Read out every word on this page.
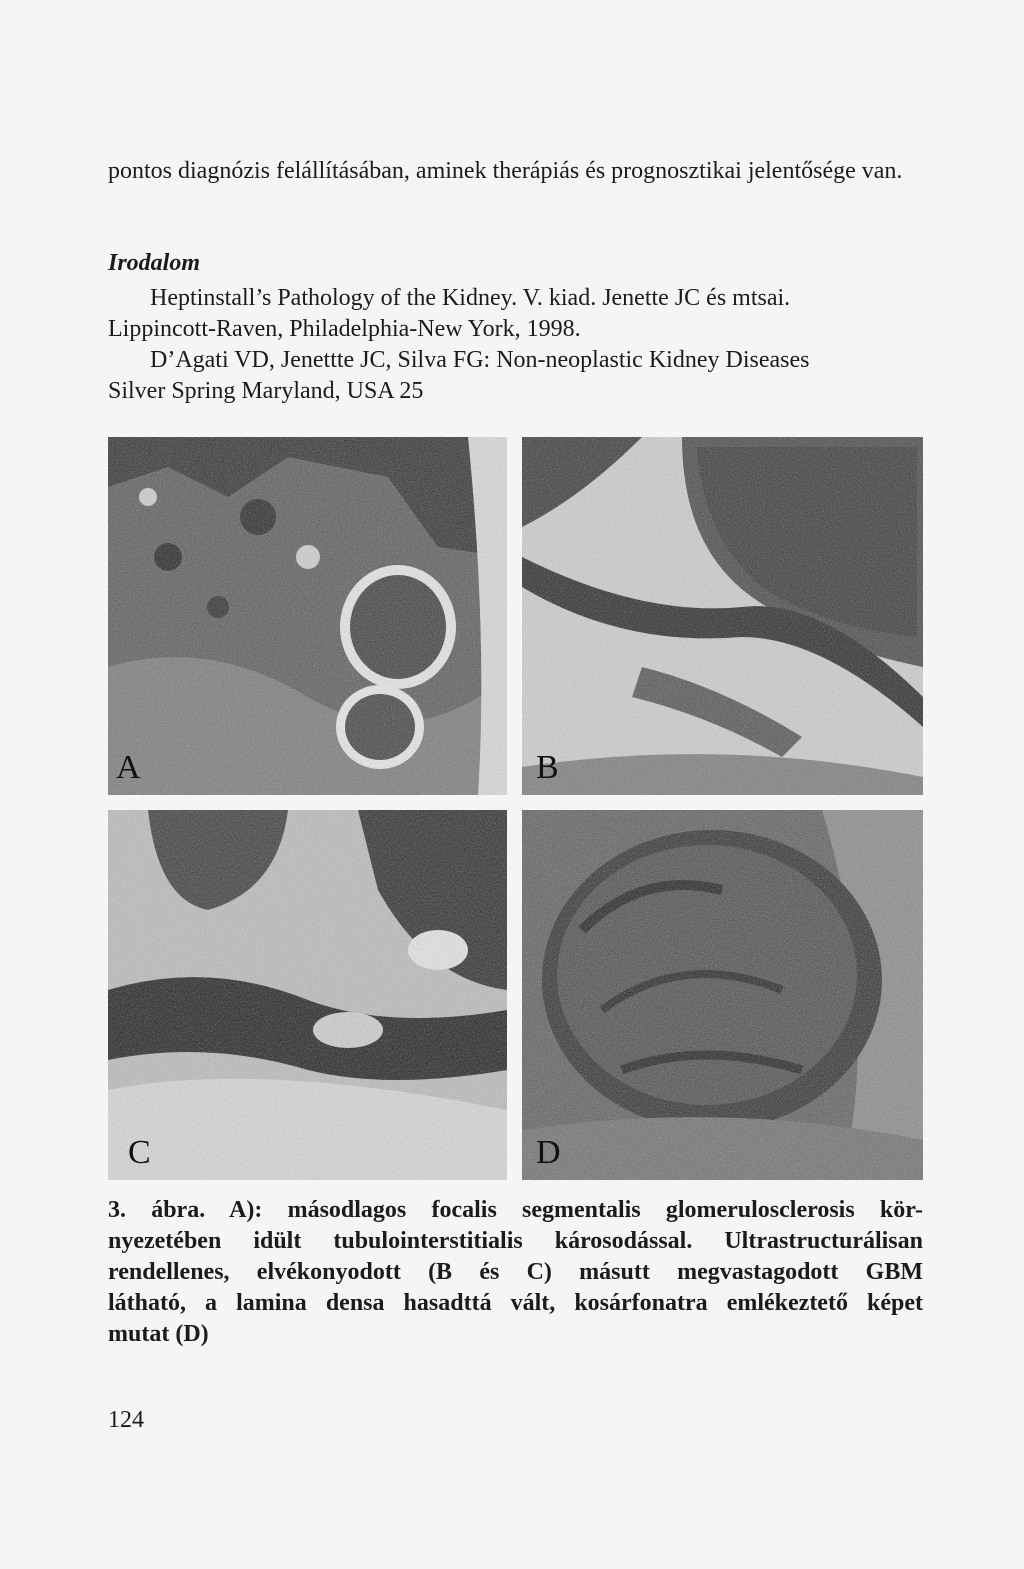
pontos diagnózis felállításában, aminek therápiás és prognosztikai jelentősége van.

Irodalom
Heptinstall’s Pathology of the Kidney. V. kiad. Jenette JC és mtsai.
Lippincott-Raven, Philadelphia-New York, 1998.
D’Agati VD, Jenettte JC, Silva FG: Non-neoplastic Kidney Diseases
Silver Spring Maryland, USA 25
A	B
C	D
3. ábra. A): másodlagos focalis segmentalis glomerulosclerosis kör-
nyezetében idült tubulointerstitialis károsodással. Ultrastructurálisan
rendellenes, elvékonyodott (B és C) másutt megvastagodott GBM
látható, a lamina densa hasadttá vált, kosárfonatra emlékeztető képet
mutat (D)
124
